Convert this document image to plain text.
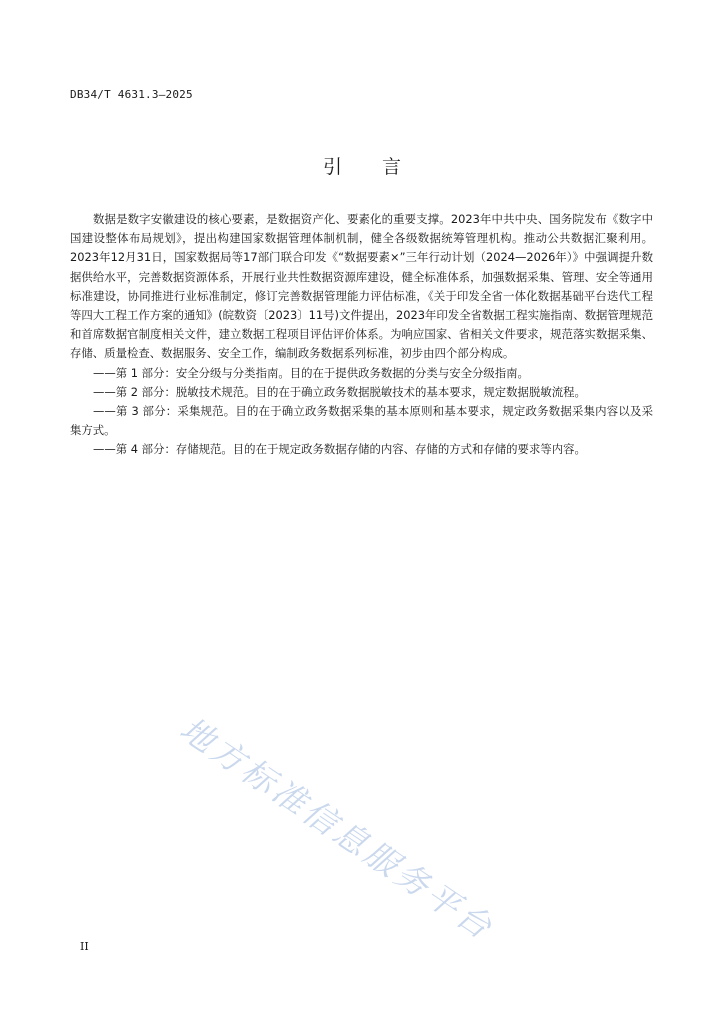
DB34/T 4631.3—2025
引言

数据是数字安徽建设的核心要素，是数据资产化、要素化的重要支撑。2023年中共中央、国务院发布《数字中国建设整体布局规划》，提出构建国家数据管理体制机制，健全各级数据统筹管理机构。推动公共数据汇聚利用。2023年12月31日，国家数据局等17部门联合印发《“数据要素×”三年行动计划（2024—2026年）》中强调提升数据供给水平，完善数据资源体系，开展行业共性数据资源库建设，健全标准体系，加强数据采集、管理、安全等通用标准建设，协同推进行业标准制定，修订完善数据管理能力评估标准，《关于印发全省一体化数据基础平台迭代工程等四大工程工作方案的通知》(皖数资〔2023〕11号)文件提出，2023年印发全省数据工程实施指南、数据管理规范和首席数据官制度相关文件，建立数据工程项目评估评价体系。为响应国家、省相关文件要求，规范落实数据采集、存储、质量检查、数据服务、安全工作，编制政务数据系列标准，初步由四个部分构成。

——第 1 部分：安全分级与分类指南。目的在于提供政务数据的分类与安全分级指南。

——第 2 部分：脱敏技术规范。目的在于确立政务数据脱敏技术的基本要求，规定数据脱敏流程。

——第 3 部分：采集规范。目的在于确立政务数据采集的基本原则和基本要求，规定政务数据采集内容以及采集方式。

——第 4 部分：存储规范。目的在于规定政务数据存储的内容、存储的方式和存储的要求等内容。

地方标准信息服务平台
II
